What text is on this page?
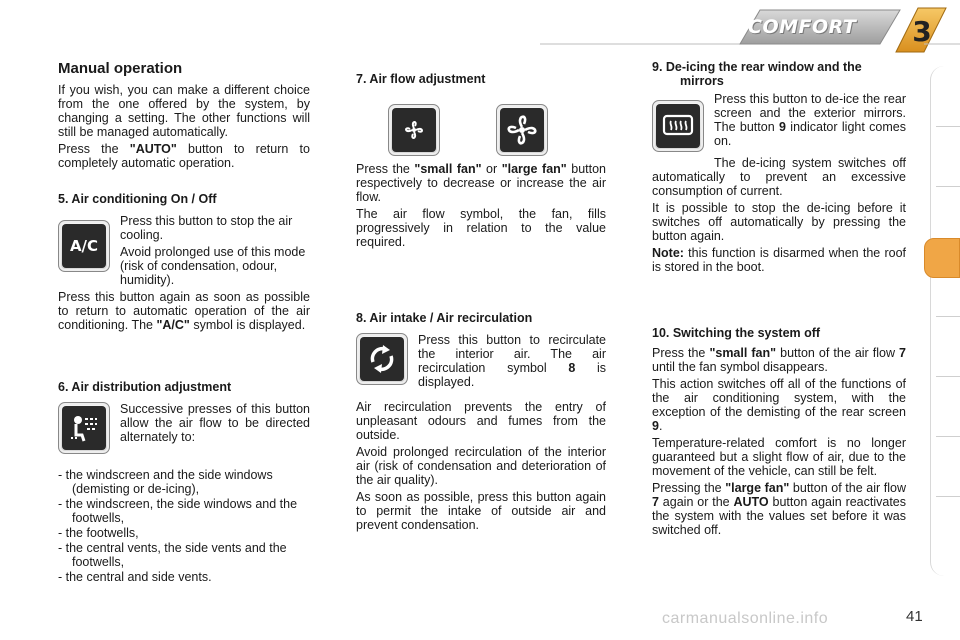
COMFORT 3
Manual operation

If you wish, you can make a different choice from the one offered by the system, by changing a setting. The other functions will still be managed automatically.

Press the "AUTO" button to return to completely automatic operation.

5. Air conditioning On / Off
A/C

Press this button to stop the air cooling.

Avoid prolonged use of this mode (risk of condensation, odour, humidity).

Press this button again as soon as possible to return to automatic operation of the air conditioning. The "A/C" symbol is displayed.

6. Air distribution adjustment

Successive presses of this button allow the air flow to be directed alternately to:

- the windscreen and the side windows (demisting or de-icing),
- the windscreen, the side windows and the footwells,
- the footwells,
- the central vents, the side vents and the footwells,
- the central and side vents.
7. Air flow adjustment

Press the "small fan" or "large fan" button respectively to decrease or increase the air flow.

The air flow symbol, the fan, fills progressively in relation to the value required.

8. Air intake / Air recirculation

Press this button to recirculate the interior air. The air recirculation symbol 8 is displayed.

Air recirculation prevents the entry of unpleasant odours and fumes from the outside.

Avoid prolonged recirculation of the interior air (risk of condensation and deterioration of the air quality).

As soon as possible, press this button again to permit the intake of outside air and prevent condensation.

9. De-icing the rear window and the mirrors

Press this button to de-ice the rear screen and the exterior mirrors. The button 9 indicator light comes on.

The de-icing system switches off automatically to prevent an excessive consumption of current.

It is possible to stop the de-icing before it switches off automatically by pressing the button again.

Note: this function is disarmed when the roof is stored in the boot.

10. Switching the system off

Press the "small fan" button of the air flow 7 until the fan symbol disappears.

This action switches off all of the functions of the air conditioning system, with the exception of the demisting of the rear screen 9.

Temperature-related comfort is no longer guaranteed but a slight flow of air, due to the movement of the vehicle, can still be felt.

Pressing the "large fan" button of the air flow 7 again or the AUTO button again reactivates the system with the values set before it was switched off.

carmanualsonline.info	41
